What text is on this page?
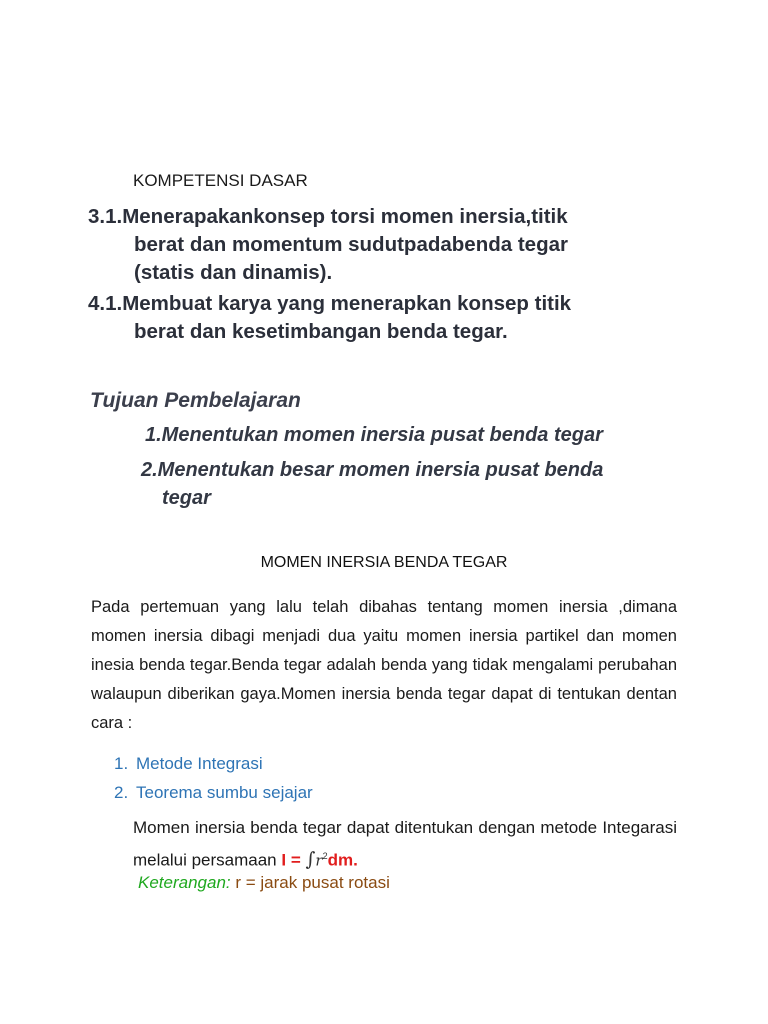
KOMPETENSI DASAR
3.1.Menerapakankonsep torsi momen inersia,titik
berat dan momentum sudutpadabenda tegar
(statis dan dinamis).
4.1.Membuat karya yang menerapkan konsep titik
berat dan kesetimbangan benda tegar.
Tujuan Pembelajaran
1.Menentukan momen inersia pusat benda tegar
2.Menentukan besar momen inersia pusat benda
tegar
MOMEN INERSIA BENDA TEGAR
Pada pertemuan yang lalu telah dibahas tentang momen inersia ,dimana momen inersia dibagi menjadi dua yaitu momen inersia partikel dan momen inesia benda tegar.Benda tegar adalah benda yang tidak mengalami perubahan walaupun diberikan gaya.Momen inersia benda tegar dapat di tentukan dentan cara :
1. Metode Integrasi
2. Teorema sumbu sejajar
Momen inersia benda tegar dapat ditentukan dengan metode Integarasi melalui persamaan $I = \int r^2dm$.
Keterangan: r = jarak pusat rotasi
